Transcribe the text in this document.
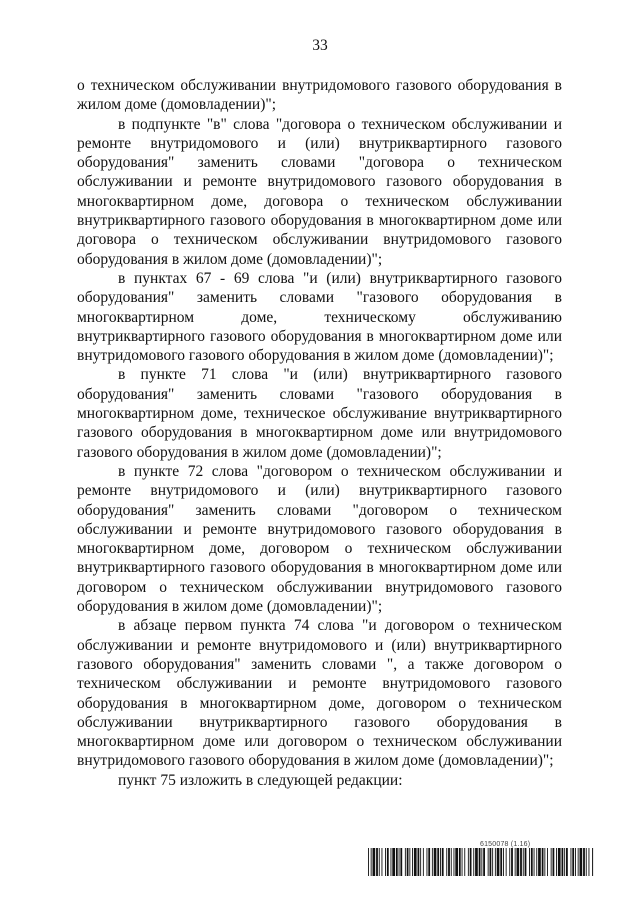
33

о техническом обслуживании внутридомового газового оборудования в жилом доме (домовладении)";

в подпункте "в" слова "договора о техническом обслуживании и ремонте внутридомового и (или) внутриквартирного газового оборудования" заменить словами "договора о техническом обслуживании и ремонте внутридомового газового оборудования в многоквартирном доме, договора о техническом обслуживании внутриквартирного газового оборудования в многоквартирном доме или договора о техническом обслуживании внутридомового газового оборудования в жилом доме (домовладении)";

в пунктах 67 - 69 слова "и (или) внутриквартирного газового оборудования" заменить словами "газового оборудования в многоквартирном доме, техническому обслуживанию внутриквартирного газового оборудования в многоквартирном доме или внутридомового газового оборудования в жилом доме (домовладении)";

в пункте 71 слова "и (или) внутриквартирного газового оборудования" заменить словами "газового оборудования в многоквартирном доме, техническое обслуживание внутриквартирного газового оборудования в многоквартирном доме или внутридомового газового оборудования в жилом доме (домовладении)";

в пункте 72 слова "договором о техническом обслуживании и ремонте внутридомового и (или) внутриквартирного газового оборудования" заменить словами "договором о техническом обслуживании и ремонте внутридомового газового оборудования в многоквартирном доме, договором о техническом обслуживании внутриквартирного газового оборудования в многоквартирном доме или договором о техническом обслуживании внутридомового газового оборудования в жилом доме (домовладении)";

в абзаце первом пункта 74 слова "и договором о техническом обслуживании и ремонте внутридомового и (или) внутриквартирного газового оборудования" заменить словами ", а также договором о техническом обслуживании и ремонте внутридомового газового оборудования в многоквартирном доме, договором о техническом обслуживании внутриквартирного газового оборудования в многоквартирном доме или договором о техническом обслуживании внутридомового газового оборудования в жилом доме (домовладении)";

пункт 75 изложить в следующей редакции:

6150078 (1.16)
